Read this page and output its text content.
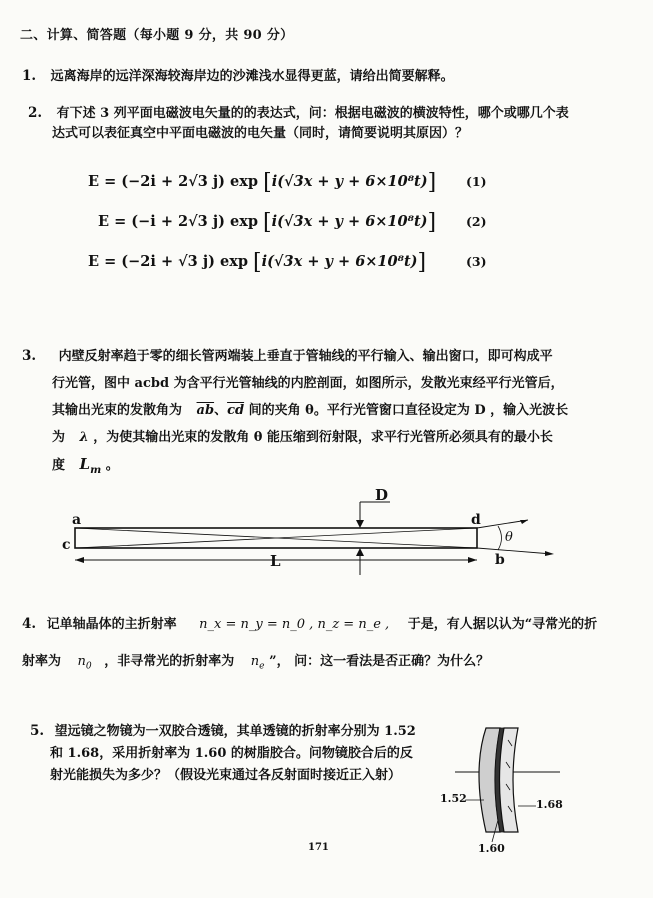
二、计算、简答题（每小题 9 分，共 90 分）
1. 远离海岸的远洋深海较海岸边的沙滩浅水显得更蓝，请给出简要解释。
2. 有下述 3 列平面电磁波电矢量的的表达式，问：根据电磁波的横波特性，哪个或哪几个表
达式可以表征真空中平面电磁波的电矢量（同时，请简要说明其原因）？
E = (−2i + 2√3 j) exp [i(√3x + y + 6×10⁸t)] (1)
E = (−i + 2√3 j) exp [i(√3x + y + 6×10⁸t)] (2)
E = (−2i + √3 j) exp [i(√3x + y + 6×10⁸t)]	(3)
3. 内壁反射率趋于零的细长管两端装上垂直于管轴线的平行输入、输出窗口，即可构成平
行光管，图中 acbd 为含平行光管轴线的内腔剖面，如图所示，发散光束经平行光管后，
其输出光束的发散角为 $\overline{ab}$、$\overline{cd}$ 间的夹角 θ。平行光管窗口直径设定为 D ，输入光波长
为 λ ，为使其输出光束的发散角 θ 能压缩到衍射限，求平行光管所必须具有的最小长
度 $L_m$ 。
a
c
d
b
D
L
θ
4. 记单轴晶体的主折射率 n_x = n_y = n_0 , n_z = n_e , 于是，有人据以认为“寻常光的折
射率为 $n_0$ ，非寻常光的折射率为 $n_e$ ”， 问：这一看法是否正确？为什么？
5. 望远镜之物镜为一双胶合透镜，其单透镜的折射率分别为 1.52
和 1.68，采用折射率为 1.60 的树脂胶合。问物镜胶合后的反
射光能损失为多少？（假设光束通过各反射面时接近正入射）
1.52	1.68
1.60
171
